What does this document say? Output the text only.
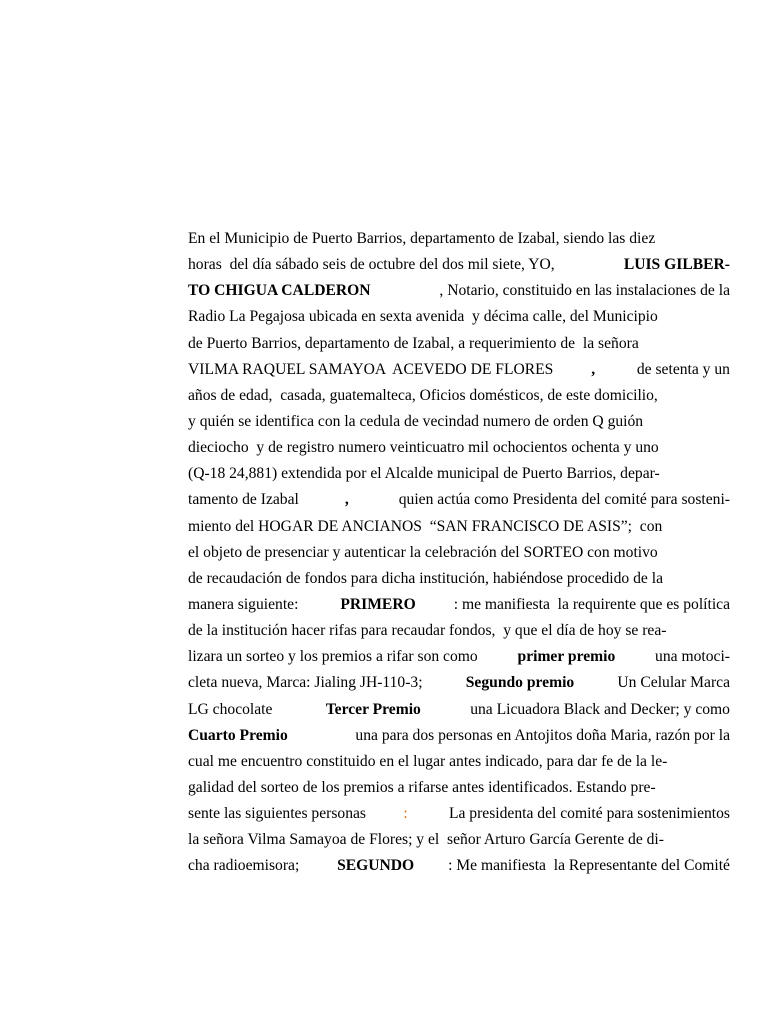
En el Municipio de Puerto Barrios, departamento de Izabal, siendo las diez
horas  del día sábado seis de octubre del dos mil siete, YO,	LUIS GILBER-
TO CHIGUA CALDERON	, Notario, constituido en las instalaciones de la
Radio La Pegajosa ubicada en sexta avenida  y décima calle, del Municipio
de Puerto Barrios, departamento de Izabal, a requerimiento de  la señora
VILMA RAQUEL SAMAYOA  ACEVEDO DE FLORES , de setenta y un
años de edad,  casada, guatemalteca, Oficios domésticos, de este domicilio,
y quién se identifica con la cedula de vecindad numero de orden Q guión
dieciocho  y de registro numero veinticuatro mil ochocientos ochenta y uno
(Q-18 24,881) extendida por el Alcalde municipal de Puerto Barrios, depar-
tamento de Izabal	,	quien actúa como Presidenta del comité para sosteni-
miento del HOGAR DE ANCIANOS  “SAN FRANCISCO DE ASIS”;  con
el objeto de presenciar y autenticar la celebración del SORTEO con motivo
de recaudación de fondos para dicha institución, habiéndose procedido de la
manera siguiente: PRIMERO : me manifiesta  la requirente que es política
de la institución hacer rifas para recaudar fondos,  y que el día de hoy se rea-
lizara un sorteo y los premios a rifar son como primer premio una motoci-
cleta nueva, Marca: Jialing JH-110-3;	Segundo premio	Un Celular Marca
LG chocolate	Tercer Premio	una Licuadora Black and Decker; y como
Cuarto Premio	una para dos personas en Antojitos doña Maria, razón por la
cual me encuentro constituido en el lugar antes indicado, para dar fe de la le-
galidad del sorteo de los premios a rifarse antes identificados. Estando pre-
sente las siguientes personas : La presidenta del comité para sostenimientos
la señora Vilma Samayoa de Flores; y el  señor Arturo García Gerente de di-
cha radioemisora; SEGUNDO : Me manifiesta  la Representante del Comité
